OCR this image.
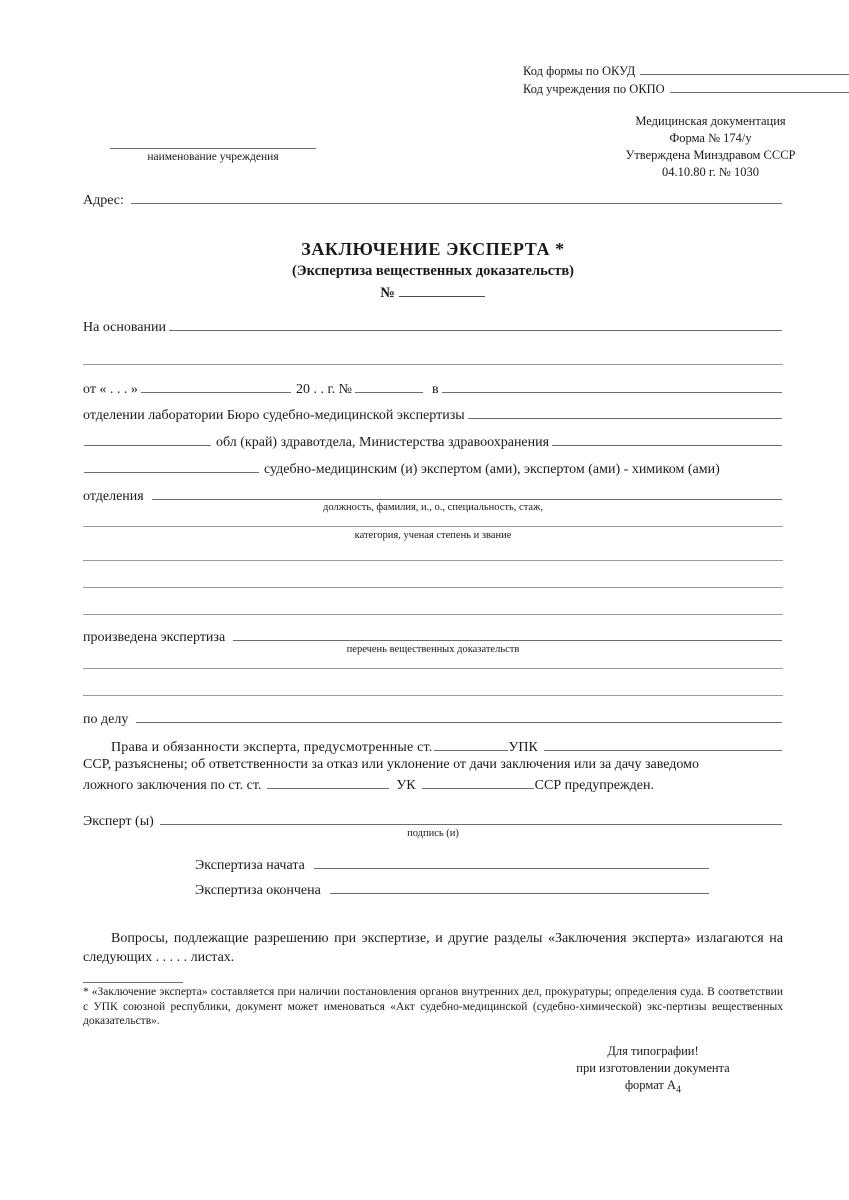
Код формы по ОКУД
Код учреждения по ОКПО
Медицинская документация
Форма № 174/у
Утверждена Минздравом СССР
04.10.80 г. № 1030
наименование учреждения
Адрес:
ЗАКЛЮЧЕНИЕ ЭКСПЕРТА *
(Экспертиза вещественных доказательств)
№
На основании
от « . . . »	20 . . г. №	в
отделении лаборатории Бюро судебно-медицинской экспертизы
обл (край) здравотдела, Министерства здравоохранения
судебно-медицинским (и) экспертом (ами), экспертом (ами) - химиком (ами)
отделения
должность, фамилия, и., о., специальность, стаж,
категория, ученая степень и звание
произведена экспертиза
перечень вещественных доказательств
по делу
Права и обязанности эксперта, предусмотренные ст.	УПК
ССР, разъяснены; об ответственности за отказ или уклонение от дачи заключения или за дачу заведомо
ложного заключения по ст. ст.	УК	ССР предупрежден.
Эксперт (ы)
подпись (и)
Экспертиза начата
Экспертиза окончена
Вопросы, подлежащие разрешению при экспертизе, и другие разделы «Заключения эксперта» излагаются на следующих . . . . . листах.
* «Заключение эксперта» составляется при наличии постановления органов внутренних дел, прокуратуры; определения суда. В соответствии с УПК союзной республики, документ может именоваться «Акт судебно-медицинской (судебно-химической) экс-пертизы вещественных доказательств».
Для типографии!
при изготовлении документа
формат $А_4$
